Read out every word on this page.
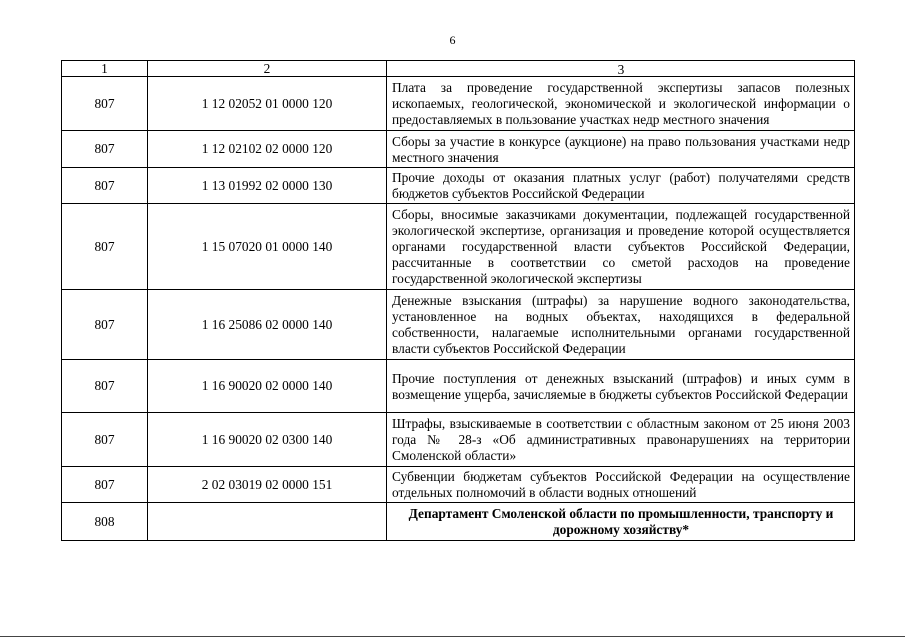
6
1	2	3
807	1 12 02052 01 0000 120	Плата за проведение государственной экспертизы запасов полезных ископаемых, геологической, экономической и экологической информации о предоставляемых в пользование участках недр местного значения
807	1 12 02102 02 0000 120	Сборы за участие в конкурсе (аукционе) на право пользования участками недр местного значения
807	1 13 01992 02 0000 130	Прочие доходы от оказания платных услуг (работ) получателями средств бюджетов субъектов Российской Федерации
807	1 15 07020 01 0000 140	Сборы, вносимые заказчиками документации, подлежащей государственной экологической экспертизе, организация и проведение которой осуществляется органами государственной власти субъектов Российской Федерации, рассчитанные в соответствии со сметой расходов на проведение государственной экологической экспертизы
807	1 16 25086 02 0000 140	Денежные взыскания (штрафы) за нарушение водного законодательства, установленное на водных объектах, находящихся в федеральной собственности, налагаемые исполнительными органами государственной власти субъектов Российской Федерации
807	1 16 90020 02 0000 140	Прочие поступления от денежных взысканий (штрафов) и иных сумм в возмещение ущерба, зачисляемые в бюджеты субъектов Российской Федерации
807	1 16 90020 02 0300 140	Штрафы, взыскиваемые в соответствии с областным законом от 25 июня 2003 года № 28-з «Об административных правонарушениях на территории Смоленской области»
807	2 02 03019 02 0000 151	Субвенции бюджетам субъектов Российской Федерации на осуществление отдельных полномочий в области водных отношений
808		Департамент Смоленской области по промышленности, транспорту и дорожному хозяйству*
